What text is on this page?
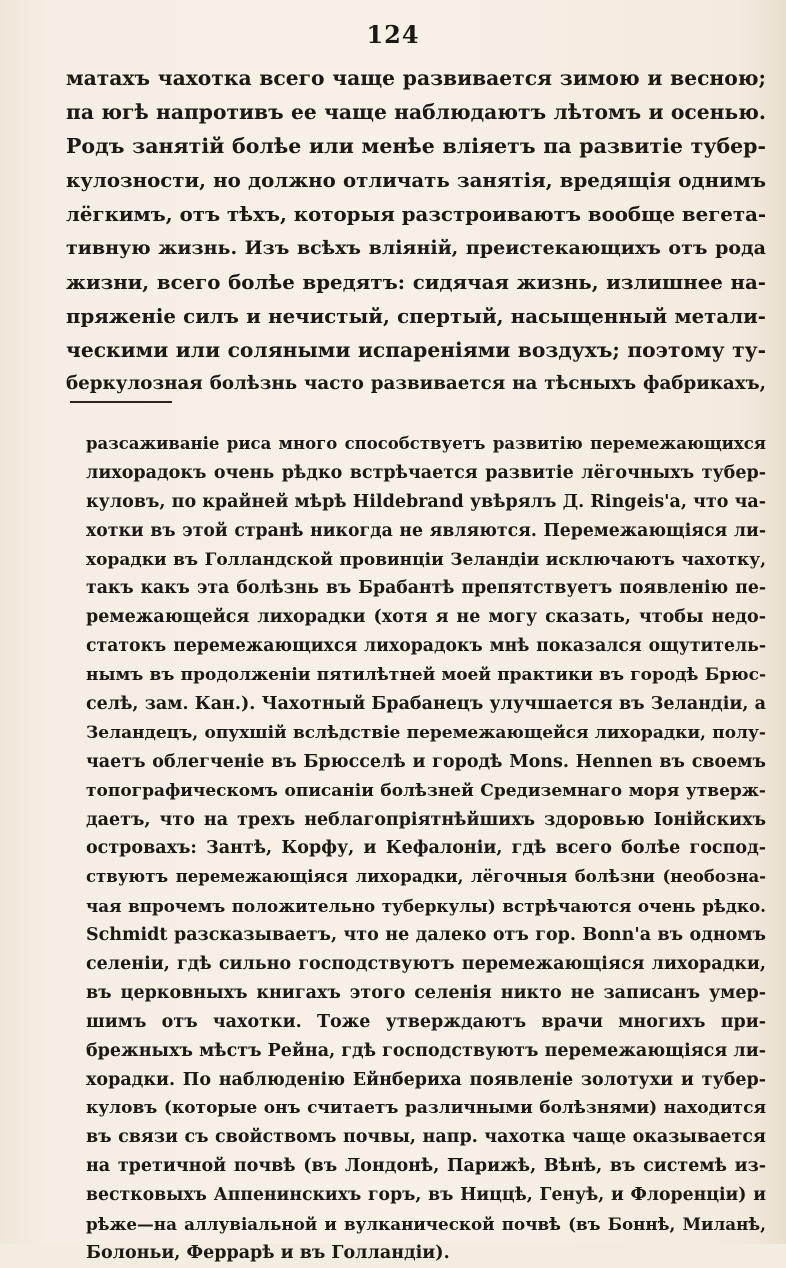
124
матахъ чахотка всего чаще развивается зимою и весною;
па югѣ напротивъ ее чаще наблюдаютъ лѣтомъ и осенью.
Родъ занятій болѣе или менѣе вліяетъ па развитіе тубер-
кулозности, но должно отличать занятія, вредящія однимъ
лёгкимъ, отъ тѣхъ, которыя разстроиваютъ вообще вегета-
тивную жизнь. Изъ всѣхъ вліяній, преистекающихъ отъ рода
жизни, всего болѣе вредятъ: сидячая жизнь, излишнее на-
пряженіе силъ и нечистый, спертый, насыщенный метали-
ческими или соляными испареніями воздухъ; поэтому ту-
беркулозная болѣзнь часто развивается на тѣсныхъ фабрикахъ,
разсаживаніе риса много способствуетъ развитію перемежающихся
лихорадокъ очень рѣдко встрѣчается развитіе лёгочныхъ тубер-
куловъ, по крайней мѣрѣ Hildebrand увѣрялъ Д. Ringeis'a, что ча-
хотки въ этой странѣ никогда не являются. Перемежающіяся ли-
хорадки въ Голландской провинціи Зеландіи исключаютъ чахотку,
такъ какъ эта болѣзнь въ Брабантѣ препятствуетъ появленію пе-
ремежающейся лихорадки (хотя я не могу сказать, чтобы недо-
статокъ перемежающихся лихорадокъ мнѣ показался ощутитель-
нымъ въ продолженіи пятилѣтней моей практики въ городѣ Брюс-
селѣ, зам. Кан.). Чахотный Брабанецъ улучшается въ Зеландіи, а
Зеландецъ, опухшій вслѣдствіе перемежающейся лихорадки, полу-
чаетъ облегченіе въ Брюсселѣ и городѣ Mons. Hennen въ своемъ
топографическомъ описаніи болѣзней Средиземнаго моря утверж-
даетъ, что на трехъ неблагопріятнѣйшихъ здоровью Іонійскихъ
островахъ: Зантѣ, Корфу, и Кефалоніи, гдѣ всего болѣе господ-
ствуютъ перемежающіяся лихорадки, лёгочныя болѣзни (необозна-
чая впрочемъ положительно туберкулы) встрѣчаются очень рѣдко.
Schmidt разсказываетъ, что не далеко отъ гор. Bonn'a въ одномъ
селеніи, гдѣ сильно господствуютъ перемежающіяся лихорадки,
въ церковныхъ книгахъ этого селенія никто не записанъ умер-
шимъ отъ чахотки. Тоже утверждаютъ врачи многихъ при-
брежныхъ мѣстъ Рейна, гдѣ господствуютъ перемежающіяся ли-
хорадки. По наблюденію Ейнбериха появленіе золотухи и тубер-
куловъ (которые онъ считаетъ различными болѣзнями) находится
въ связи съ свойствомъ почвы, напр. чахотка чаще оказывается
на третичной почвѣ (въ Лондонѣ, Парижѣ, Вѣнѣ, въ системѣ из-
вестковыхъ Аппенинскихъ горъ, въ Ниццѣ, Генуѣ, и Флоренціи) и
рѣже—на аллувіальной и вулканической почвѣ (въ Боннѣ, Миланѣ,
Болоньи, Феррарѣ и въ Голландіи).
